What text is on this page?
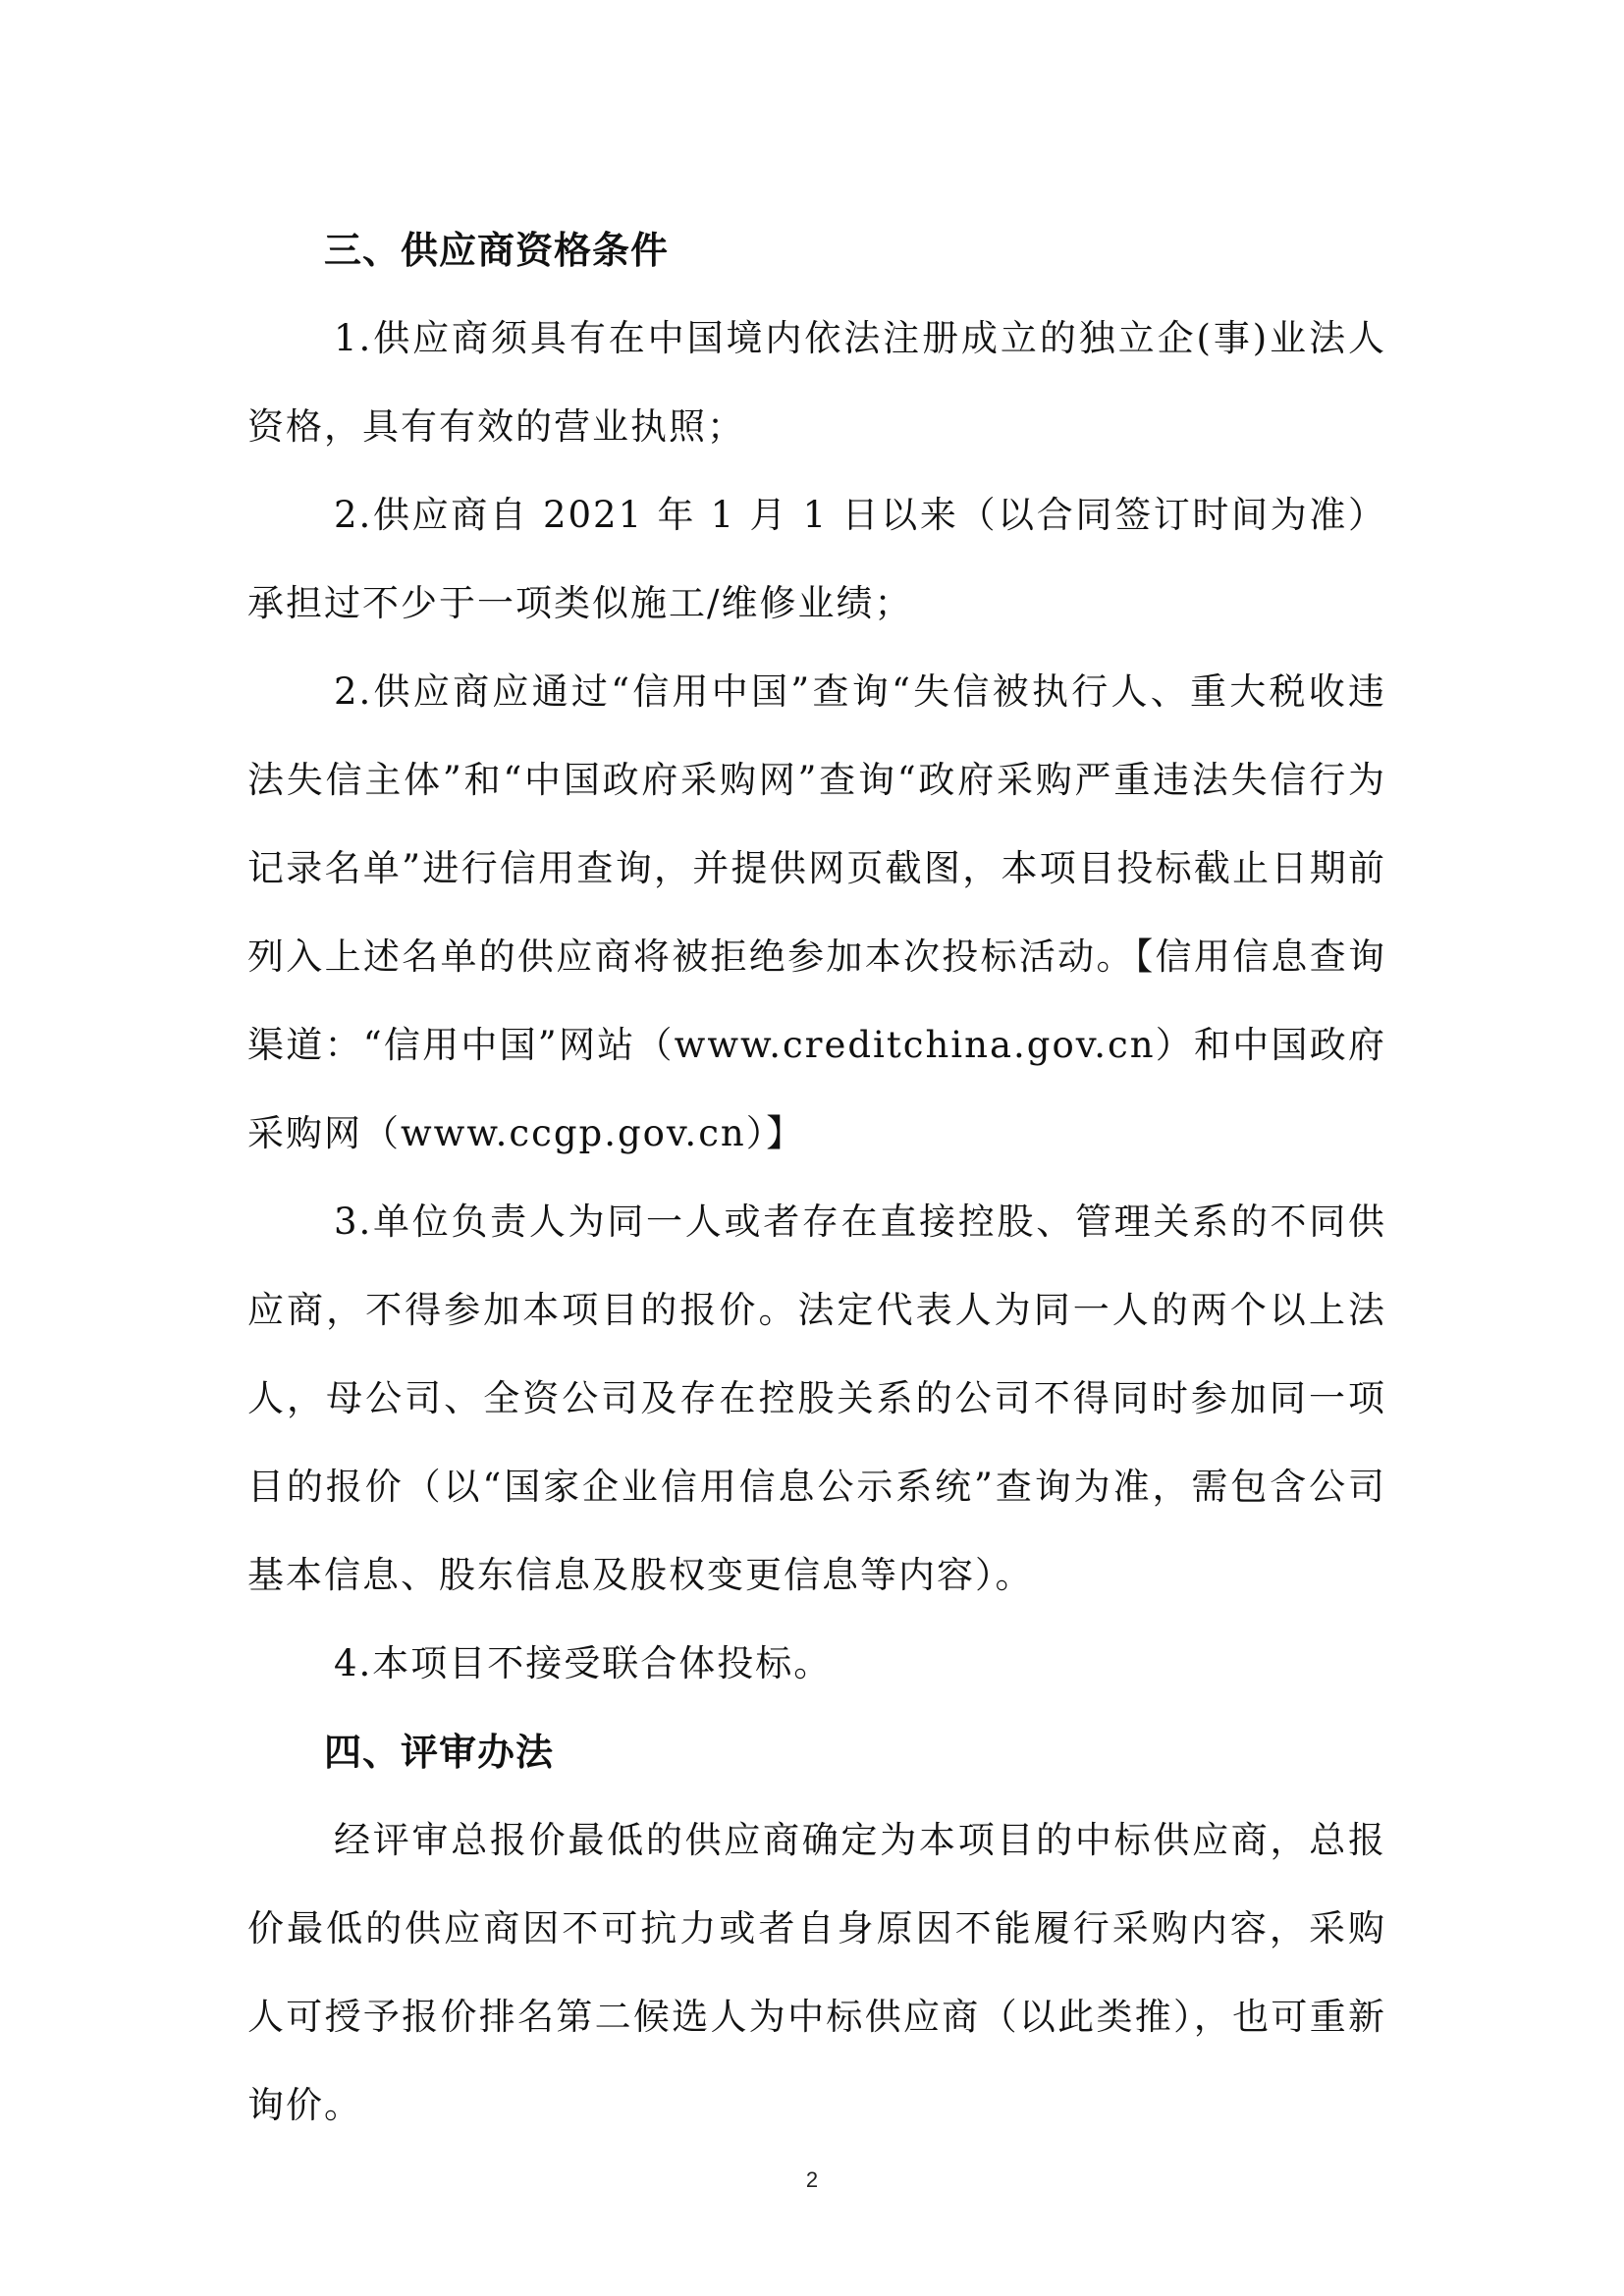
三、供应商资格条件

1.供应商须具有在中国境内依法注册成立的独立企(事)业法人资格，具有有效的营业执照；

2.供应商自 2021 年 1 月 1 日以来（以合同签订时间为准）承担过不少于一项类似施工/维修业绩；

2.供应商应通过“信用中国”查询“失信被执行人、重大税收违法失信主体”和“中国政府采购网”查询“政府采购严重违法失信行为记录名单”进行信用查询，并提供网页截图，本项目投标截止日期前列入上述名单的供应商将被拒绝参加本次投标活动。【信用信息查询渠道：“信用中国”网站（www.creditchina.gov.cn）和中国政府采购网（www.ccgp.gov.cn）】

3.单位负责人为同一人或者存在直接控股、管理关系的不同供应商，不得参加本项目的报价。法定代表人为同一人的两个以上法人，母公司、全资公司及存在控股关系的公司不得同时参加同一项目的报价（以“国家企业信用信息公示系统”查询为准，需包含公司基本信息、股东信息及股权变更信息等内容）。

4.本项目不接受联合体投标。

四、评审办法

经评审总报价最低的供应商确定为本项目的中标供应商，总报价最低的供应商因不可抗力或者自身原因不能履行采购内容，采购人可授予报价排名第二候选人为中标供应商（以此类推），也可重新询价。

2
